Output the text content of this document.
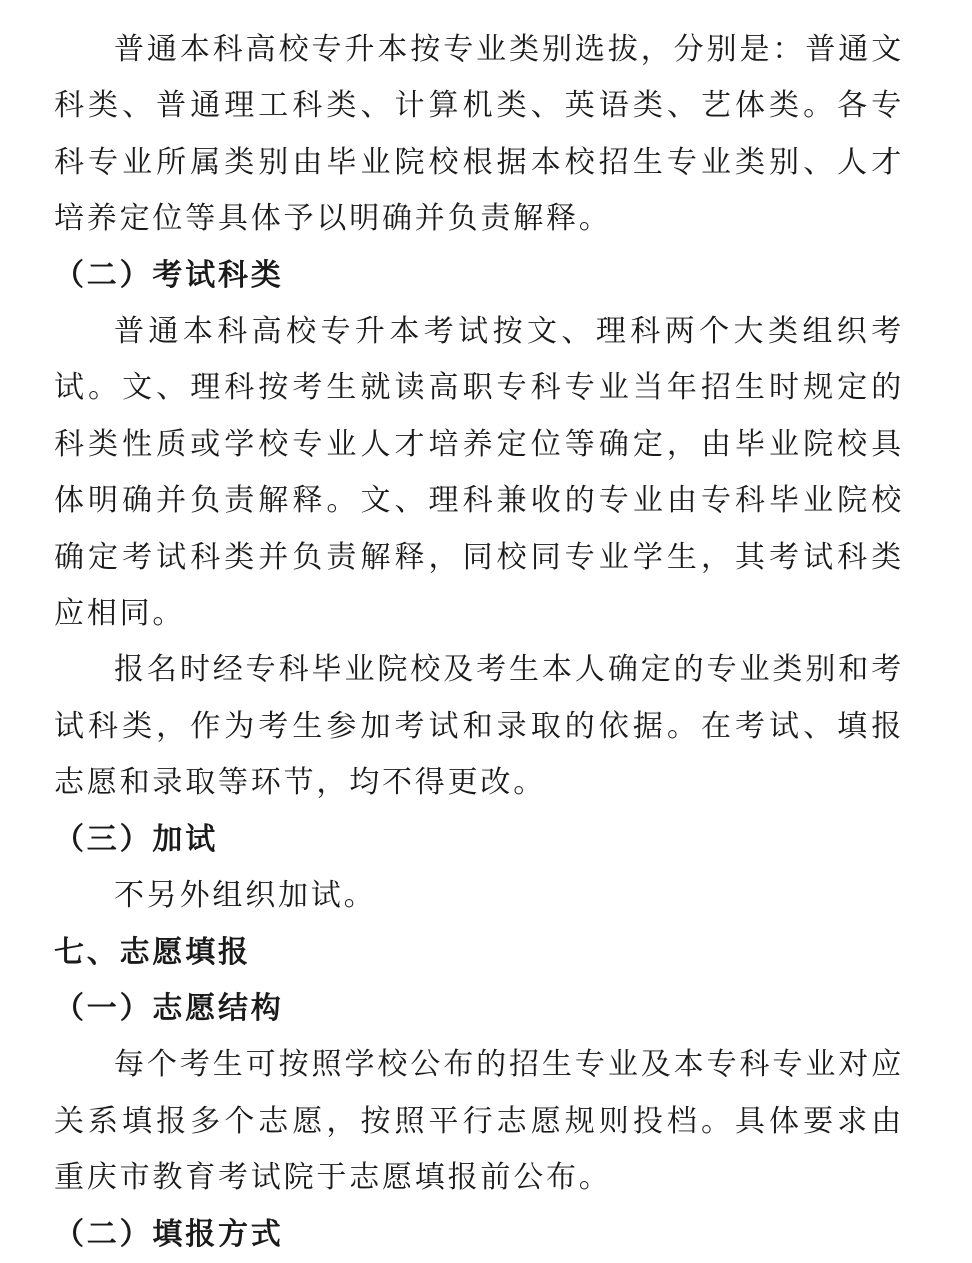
普通本科高校专升本按专业类别选拔，分别是：普通文科类、普通理工科类、计算机类、英语类、艺体类。各专科专业所属类别由毕业院校根据本校招生专业类别、人才培养定位等具体予以明确并负责解释。

（二）考试科类

普通本科高校专升本考试按文、理科两个大类组织考试。文、理科按考生就读高职专科专业当年招生时规定的科类性质或学校专业人才培养定位等确定，由毕业院校具体明确并负责解释。文、理科兼收的专业由专科毕业院校确定考试科类并负责解释，同校同专业学生，其考试科类应相同。

报名时经专科毕业院校及考生本人确定的专业类别和考试科类，作为考生参加考试和录取的依据。在考试、填报志愿和录取等环节，均不得更改。

（三）加试

不另外组织加试。

七、志愿填报

（一）志愿结构

每个考生可按照学校公布的招生专业及本专科专业对应关系填报多个志愿，按照平行志愿规则投档。具体要求由重庆市教育考试院于志愿填报前公布。

（二）填报方式
